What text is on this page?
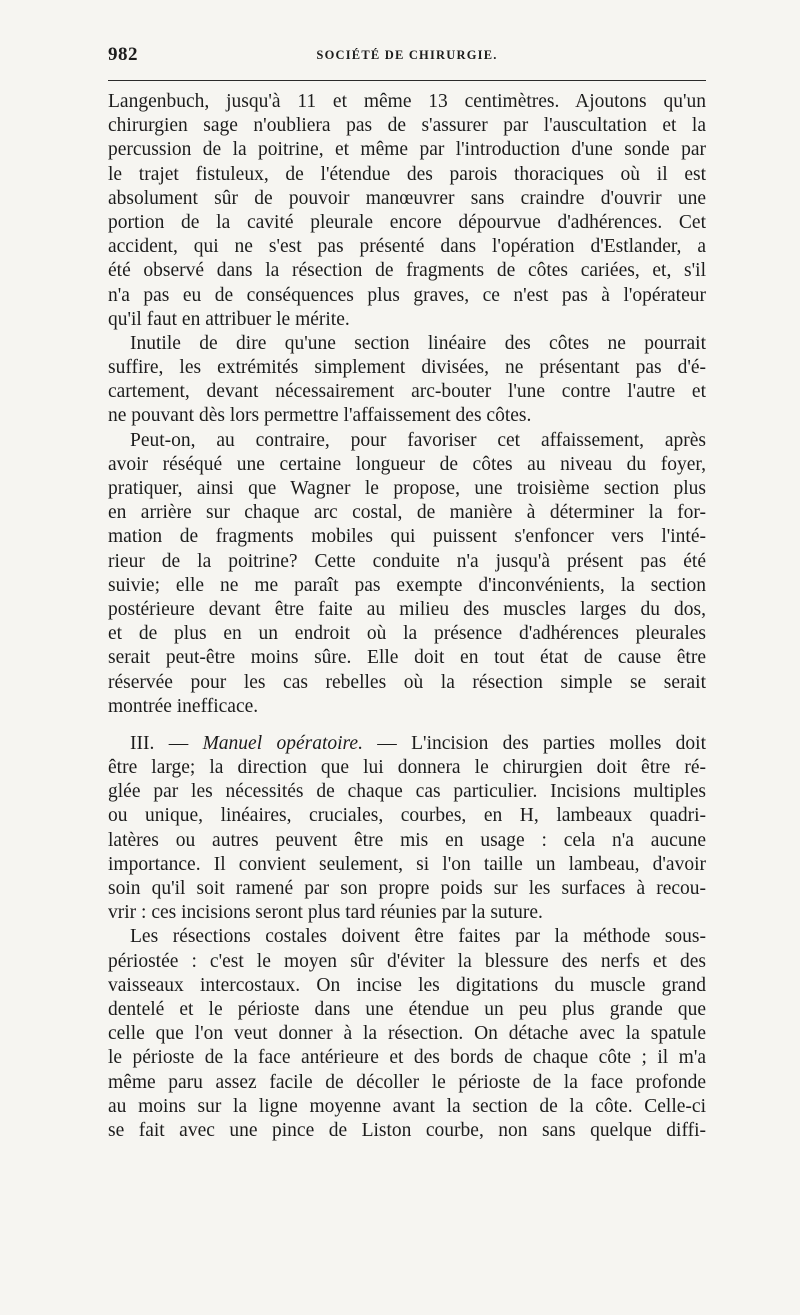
982	SOCIÉTÉ DE CHIRURGIE.
Langenbuch, jusqu'à 11 et même 13 centimètres. Ajoutons qu'un
chirurgien sage n'oubliera pas de s'assurer par l'auscultation et la
percussion de la poitrine, et même par l'introduction d'une sonde par
le trajet fistuleux, de l'étendue des parois thoraciques où il est
absolument sûr de pouvoir manœuvrer sans craindre d'ouvrir une
portion de la cavité pleurale encore dépourvue d'adhérences. Cet
accident, qui ne s'est pas présenté dans l'opération d'Estlander, a
été observé dans la résection de fragments de côtes cariées, et, s'il
n'a pas eu de conséquences plus graves, ce n'est pas à l'opérateur
qu'il faut en attribuer le mérite.
Inutile de dire qu'une section linéaire des côtes ne pourrait
suffire, les extrémités simplement divisées, ne présentant pas d'é-
cartement, devant nécessairement arc-bouter l'une contre l'autre et
ne pouvant dès lors permettre l'affaissement des côtes.
Peut-on, au contraire, pour favoriser cet affaissement, après
avoir réséqué une certaine longueur de côtes au niveau du foyer,
pratiquer, ainsi que Wagner le propose, une troisième section plus
en arrière sur chaque arc costal, de manière à déterminer la for-
mation de fragments mobiles qui puissent s'enfoncer vers l'inté-
rieur de la poitrine? Cette conduite n'a jusqu'à présent pas été
suivie; elle ne me paraît pas exempte d'inconvénients, la section
postérieure devant être faite au milieu des muscles larges du dos,
et de plus en un endroit où la présence d'adhérences pleurales
serait peut-être moins sûre. Elle doit en tout état de cause être
réservée pour les cas rebelles où la résection simple se serait
montrée inefficace.
III. — Manuel opératoire. — L'incision des parties molles doit
être large; la direction que lui donnera le chirurgien doit être ré-
glée par les nécessités de chaque cas particulier. Incisions multiples
ou unique, linéaires, cruciales, courbes, en H, lambeaux quadri-
latères ou autres peuvent être mis en usage : cela n'a aucune
importance. Il convient seulement, si l'on taille un lambeau, d'avoir
soin qu'il soit ramené par son propre poids sur les surfaces à recou-
vrir : ces incisions seront plus tard réunies par la suture.
Les résections costales doivent être faites par la méthode sous-
périostée : c'est le moyen sûr d'éviter la blessure des nerfs et des
vaisseaux intercostaux. On incise les digitations du muscle grand
dentelé et le périoste dans une étendue un peu plus grande que
celle que l'on veut donner à la résection. On détache avec la spatule
le périoste de la face antérieure et des bords de chaque côte ; il m'a
même paru assez facile de décoller le périoste de la face profonde
au moins sur la ligne moyenne avant la section de la côte. Celle-ci
se fait avec une pince de Liston courbe, non sans quelque diffi-
